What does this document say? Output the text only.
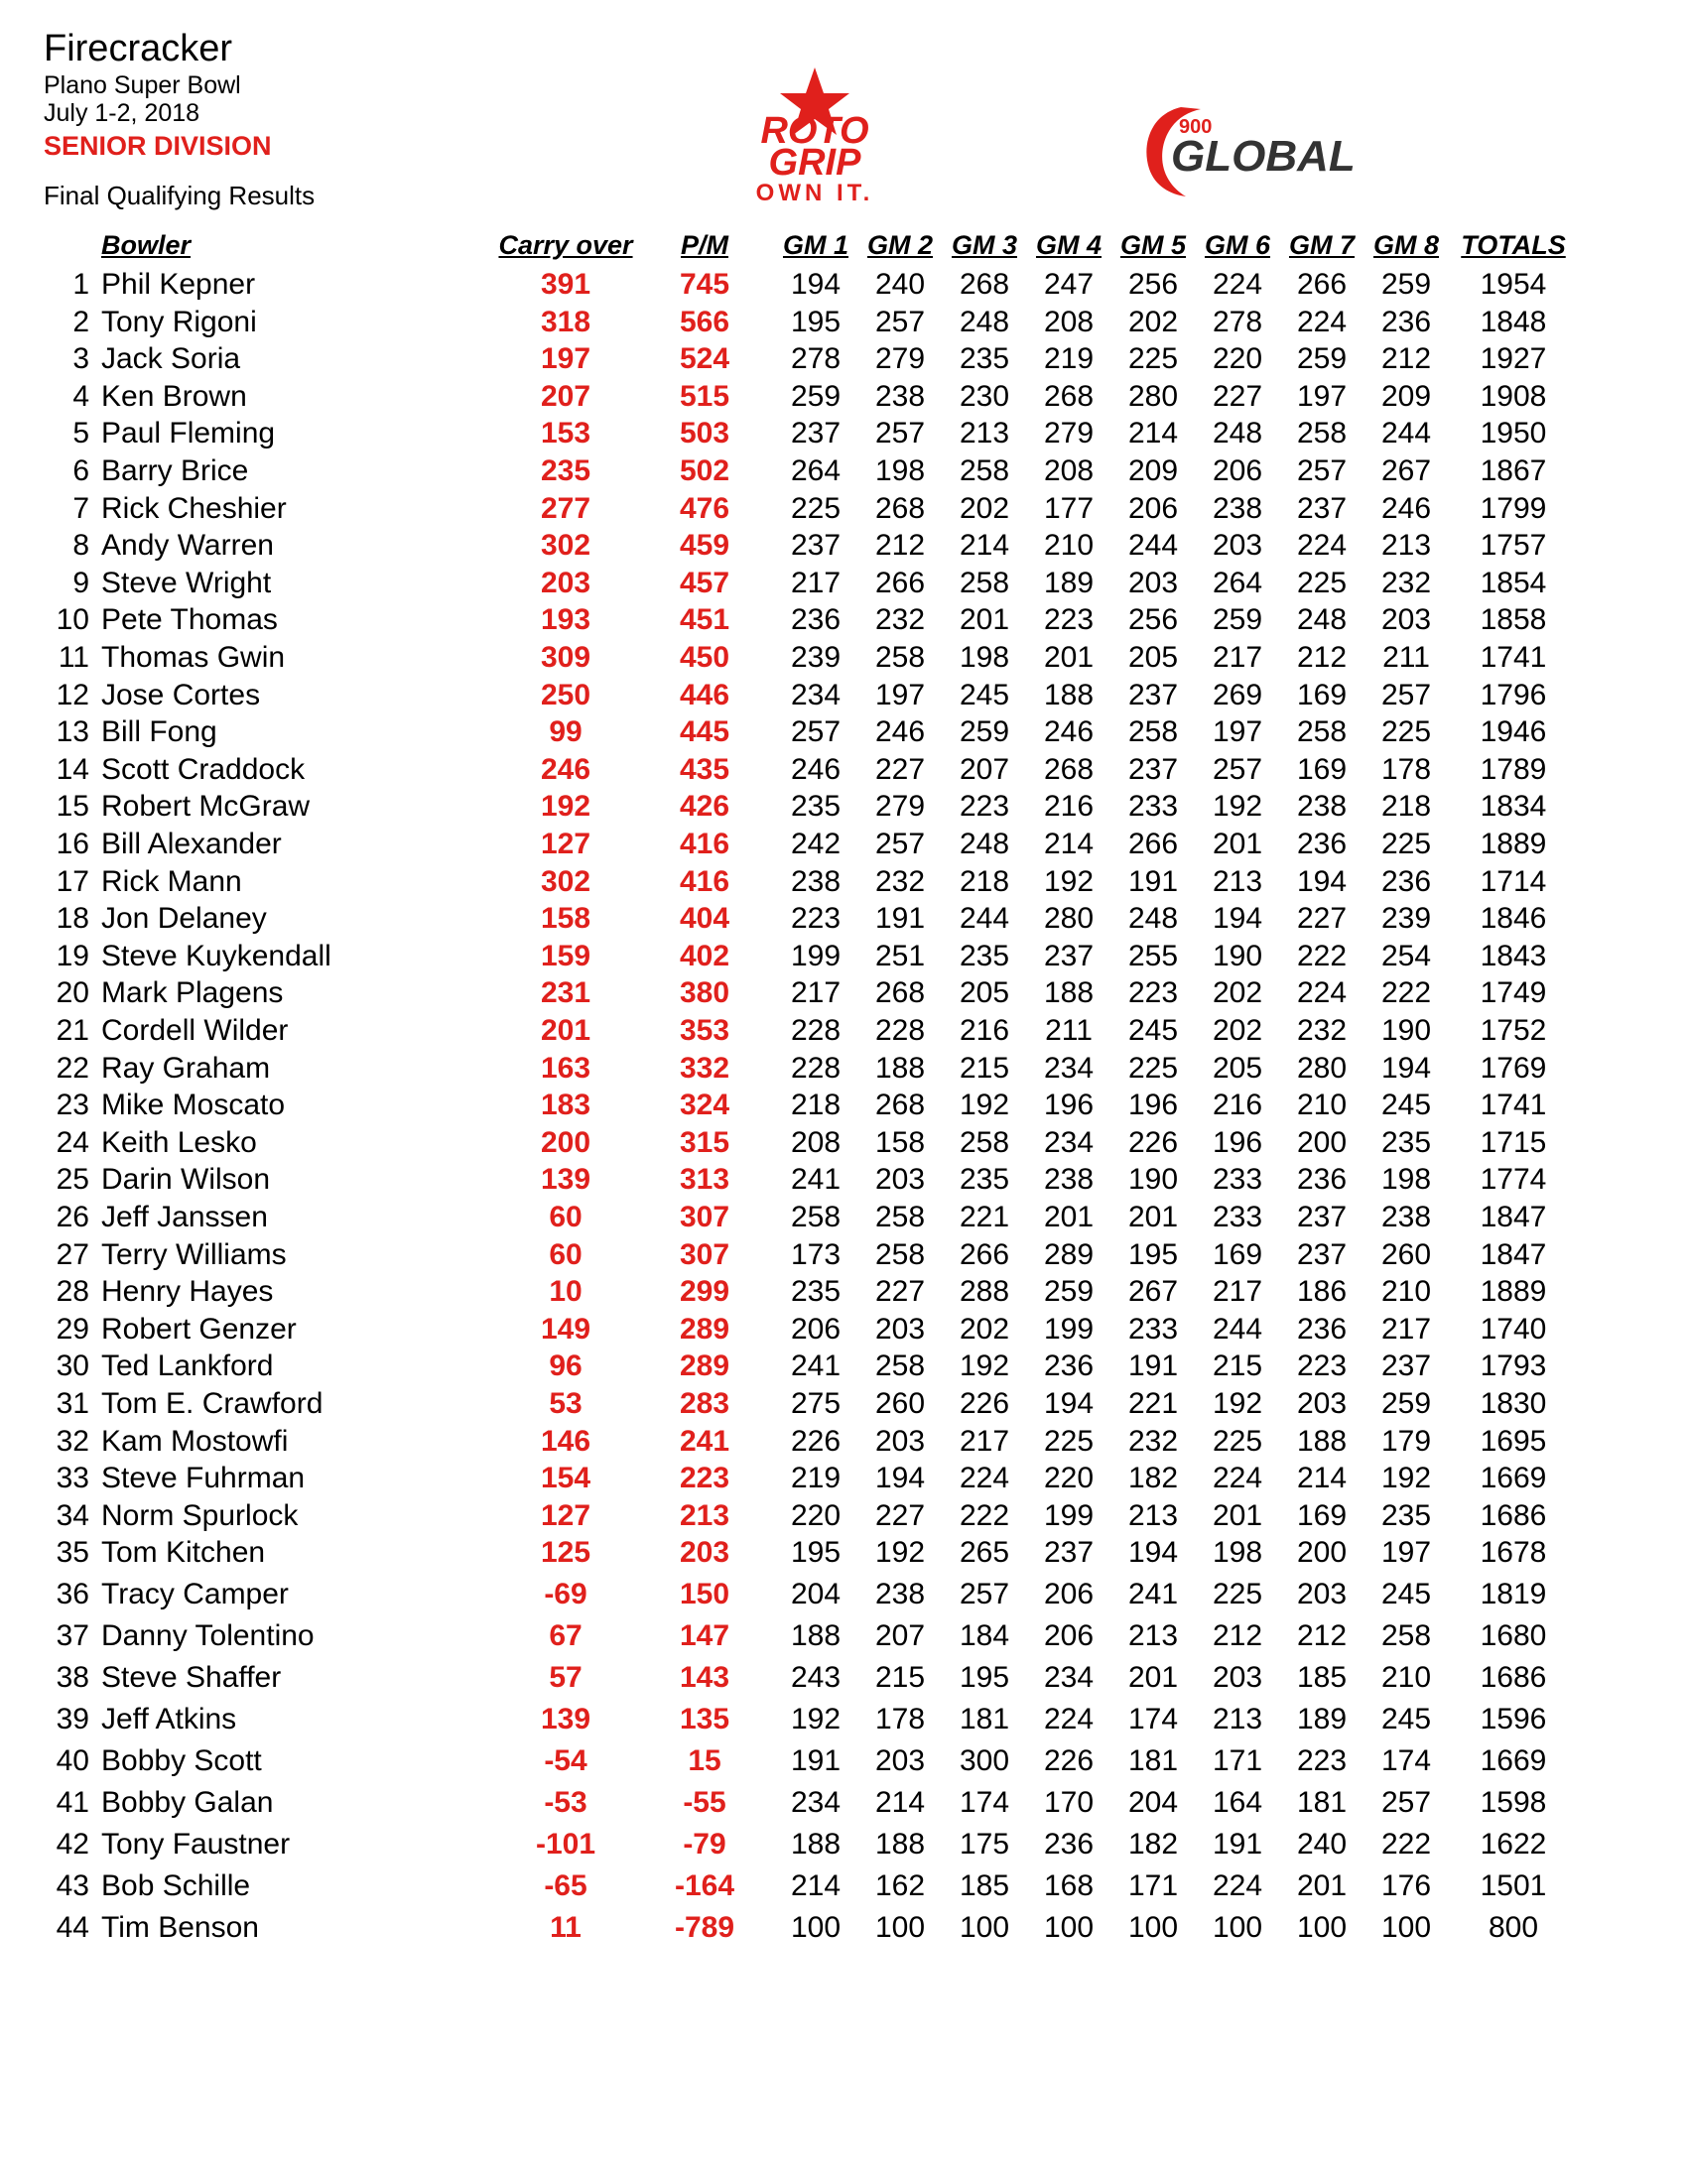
Firecracker
Plano Super Bowl
July 1-2, 2018
SENIOR DIVISION
Final Qualifying Results
ROTO
GRIP
OWN IT.
900
GLOBAL
Bowler	Carry over	P/M	GM 1 GM 2 GM 3 GM 4 GM 5 GM 6 GM 7 GM 8 TOTALS
1 Phil Kepner	391	745	194	240	268	247	256	224	266	259	1954
2 Tony Rigoni	318	566	195	257	248	208	202	278	224	236	1848
3 Jack Soria	197	524	278	279	235	219	225	220	259	212	1927
4 Ken Brown	207	515	259	238	230	268	280	227	197	209	1908
5 Paul Fleming	153	503	237	257	213	279	214	248	258	244	1950
6 Barry Brice	235	502	264	198	258	208	209	206	257	267	1867
7 Rick Cheshier	277	476	225	268	202	177	206	238	237	246	1799
8 Andy Warren	302	459	237	212	214	210	244	203	224	213	1757
9 Steve Wright	203	457	217	266	258	189	203	264	225	232	1854
10 Pete Thomas	193	451	236	232	201	223	256	259	248	203	1858
11 Thomas Gwin	309	450	239	258	198	201	205	217	212	211	1741
12 Jose Cortes	250	446	234	197	245	188	237	269	169	257	1796
13 Bill Fong	99	445	257	246	259	246	258	197	258	225	1946
14 Scott Craddock	246	435	246	227	207	268	237	257	169	178	1789
15 Robert McGraw	192	426	235	279	223	216	233	192	238	218	1834
16 Bill Alexander	127	416	242	257	248	214	266	201	236	225	1889
17 Rick Mann	302	416	238	232	218	192	191	213	194	236	1714
18 Jon Delaney	158	404	223	191	244	280	248	194	227	239	1846
19 Steve Kuykendall	159	402	199	251	235	237	255	190	222	254	1843
20 Mark Plagens	231	380	217	268	205	188	223	202	224	222	1749
21 Cordell Wilder	201	353	228	228	216	211	245	202	232	190	1752
22 Ray Graham	163	332	228	188	215	234	225	205	280	194	1769
23 Mike Moscato	183	324	218	268	192	196	196	216	210	245	1741
24 Keith Lesko	200	315	208	158	258	234	226	196	200	235	1715
25 Darin Wilson	139	313	241	203	235	238	190	233	236	198	1774
26 Jeff Janssen	60	307	258	258	221	201	201	233	237	238	1847
27 Terry Williams	60	307	173	258	266	289	195	169	237	260	1847
28 Henry Hayes	10	299	235	227	288	259	267	217	186	210	1889
29 Robert Genzer	149	289	206	203	202	199	233	244	236	217	1740
30 Ted Lankford	96	289	241	258	192	236	191	215	223	237	1793
31 Tom E. Crawford	53	283	275	260	226	194	221	192	203	259	1830
32 Kam Mostowfi	146	241	226	203	217	225	232	225	188	179	1695
33 Steve Fuhrman	154	223	219	194	224	220	182	224	214	192	1669
34 Norm Spurlock	127	213	220	227	222	199	213	201	169	235	1686
35 Tom Kitchen	125	203	195	192	265	237	194	198	200	197	1678
36 Tracy Camper	-69	150	204	238	257	206	241	225	203	245	1819
37 Danny Tolentino	67	147	188	207	184	206	213	212	212	258	1680
38 Steve Shaffer	57	143	243	215	195	234	201	203	185	210	1686
39 Jeff Atkins	139	135	192	178	181	224	174	213	189	245	1596
40 Bobby Scott	-54	15	191	203	300	226	181	171	223	174	1669
41 Bobby Galan	-53	-55	234	214	174	170	204	164	181	257	1598
42 Tony Faustner	-101	-79	188	188	175	236	182	191	240	222	1622
43 Bob Schille	-65	-164	214	162	185	168	171	224	201	176	1501
44 Tim Benson	11	-789	100	100	100	100	100	100	100	100	800
